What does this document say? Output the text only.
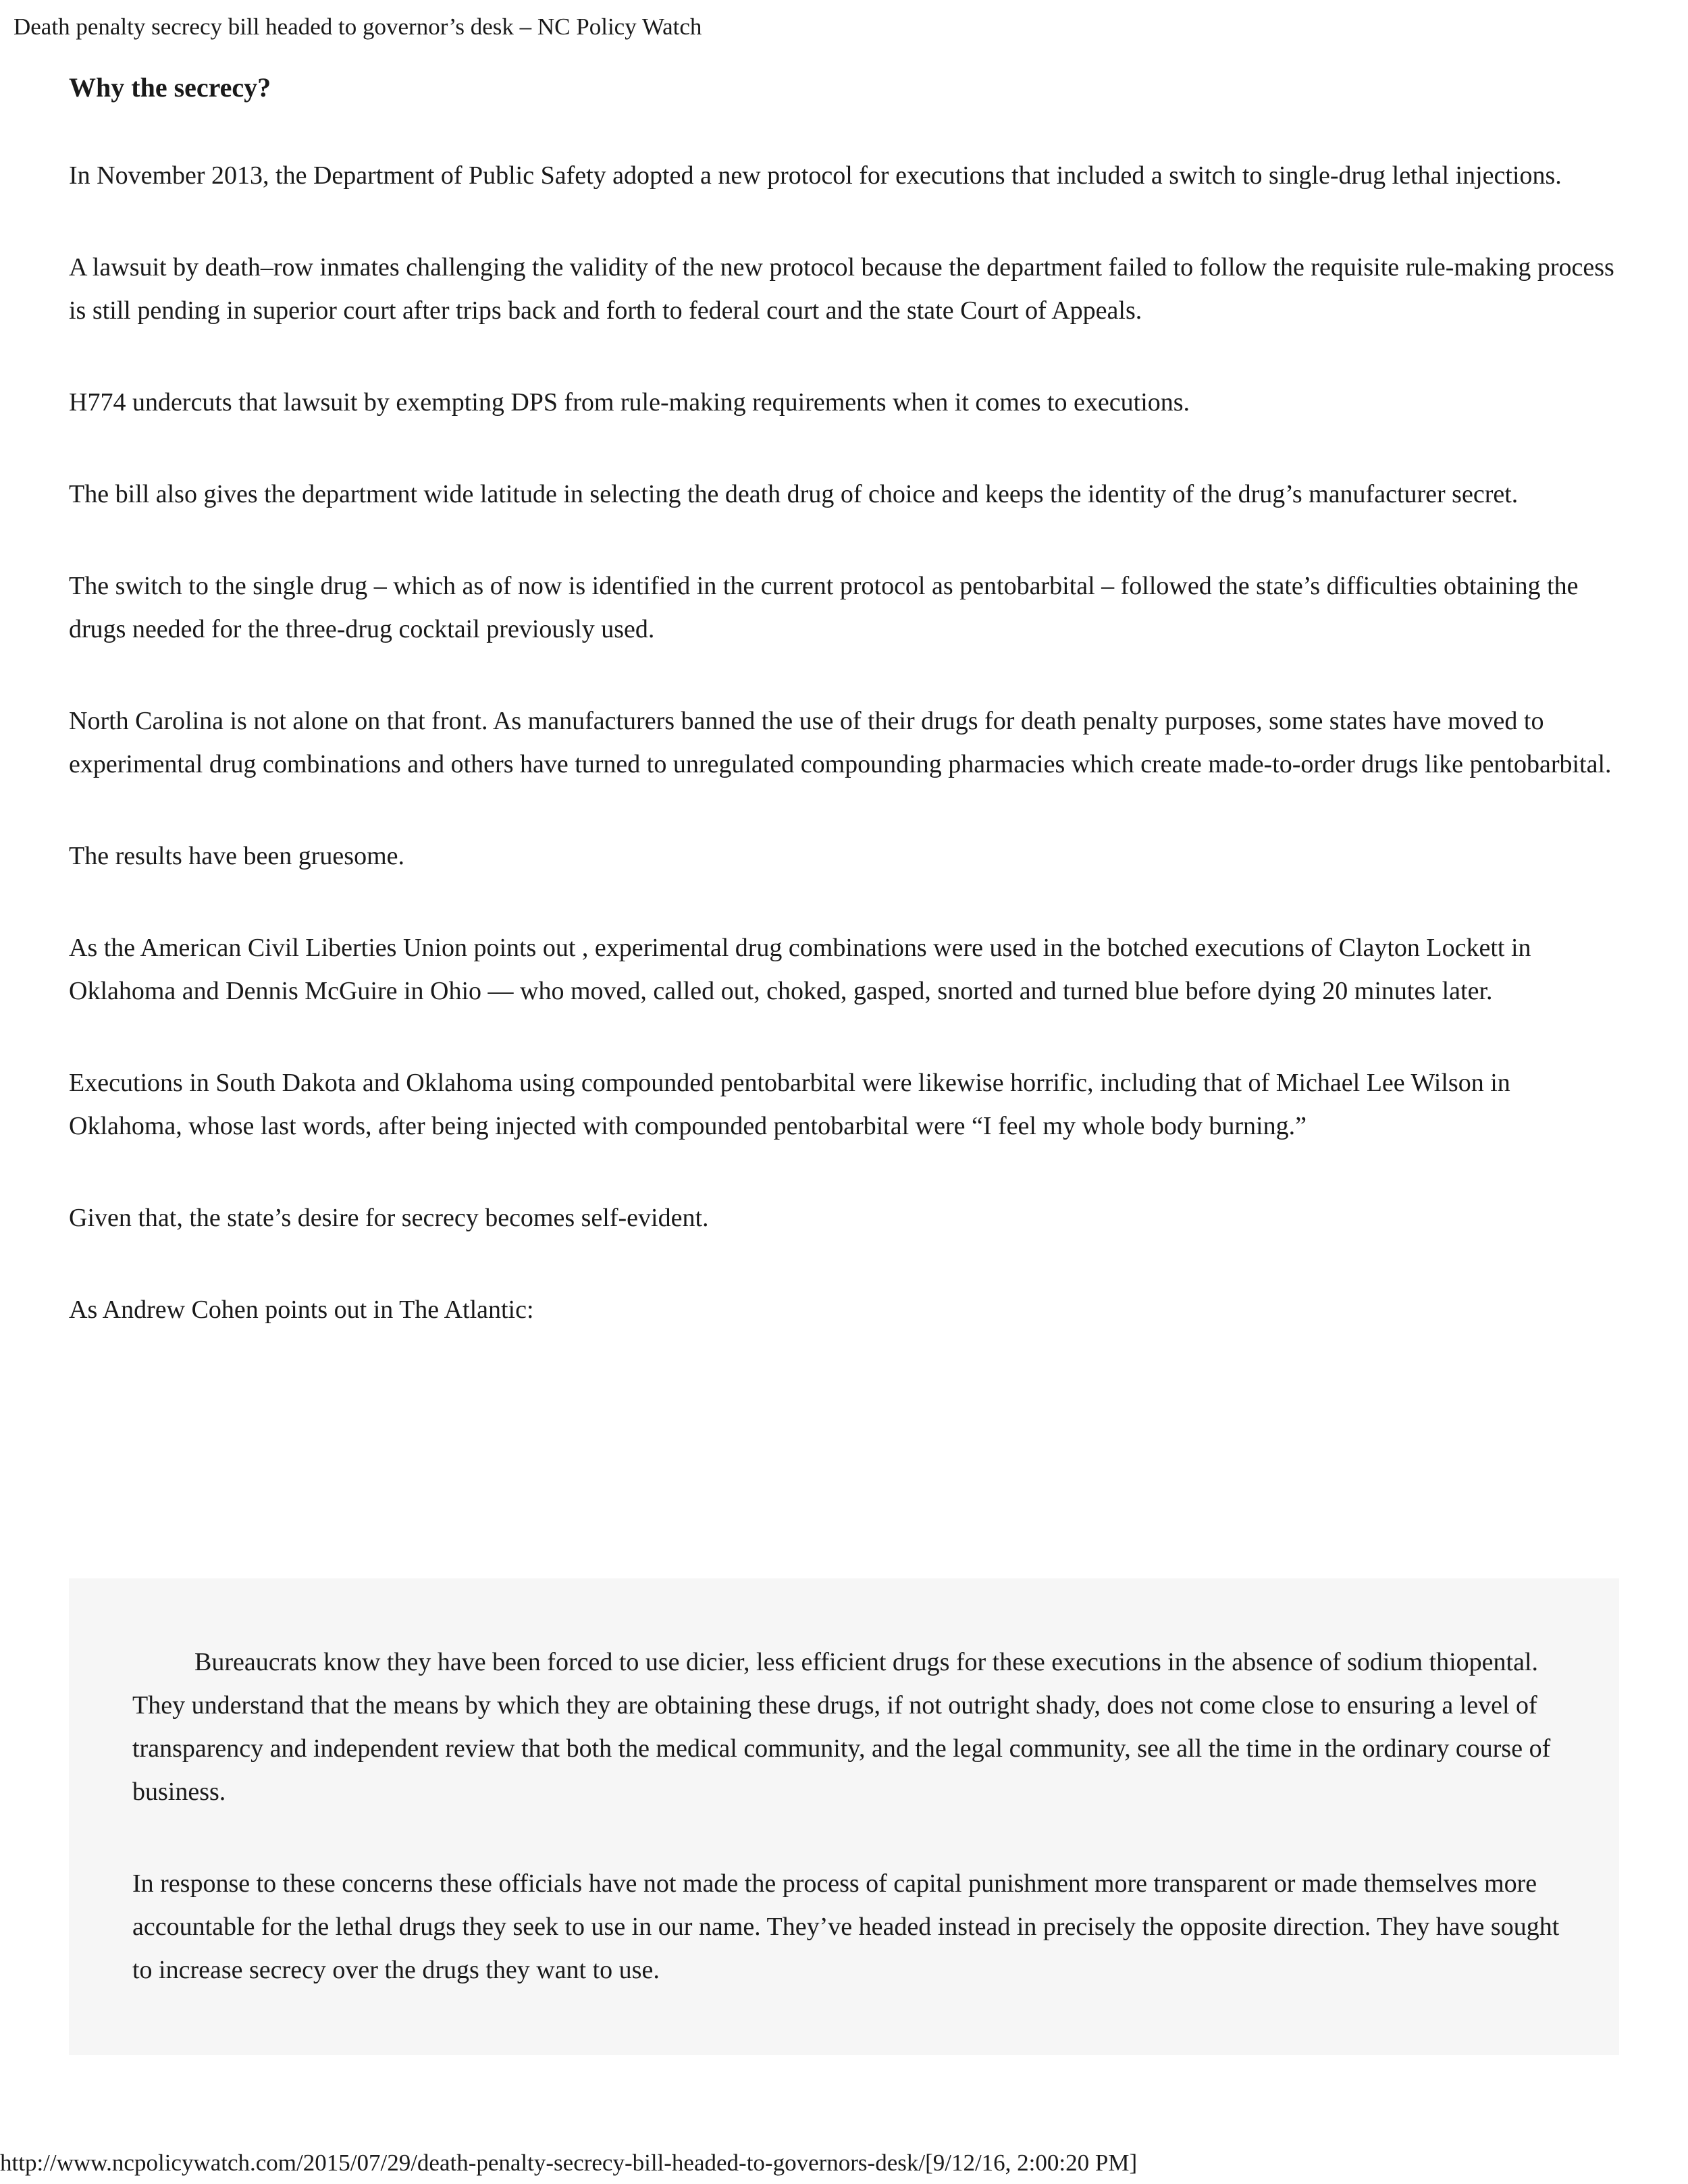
Death penalty secrecy bill headed to governor’s desk – NC Policy Watch
Why the secrecy?

In November 2013, the Department of Public Safety adopted a new protocol for executions that included a switch to single-drug lethal injections.

A lawsuit by death–row inmates challenging the validity of the new protocol because the department failed to follow the requisite rule-making process is still pending in superior court after trips back and forth to federal court and the state Court of Appeals.

H774 undercuts that lawsuit by exempting DPS from rule-making requirements when it comes to executions.

The bill also gives the department wide latitude in selecting the death drug of choice and keeps the identity of the drug’s manufacturer secret.

The switch to the single drug – which as of now is identified in the current protocol as pentobarbital – followed the state’s difficulties obtaining the drugs needed for the three-drug cocktail previously used.

North Carolina is not alone on that front. As manufacturers banned the use of their drugs for death penalty purposes, some states have moved to experimental drug combinations and others have turned to unregulated compounding pharmacies which create made-to-order drugs like pentobarbital.

The results have been gruesome.

As the American Civil Liberties Union points out , experimental drug combinations were used in the botched executions of Clayton Lockett in Oklahoma and Dennis McGuire in Ohio — who moved, called out, choked, gasped, snorted and turned blue before dying 20 minutes later.

Executions in South Dakota and Oklahoma using compounded pentobarbital were likewise horrific, including that of Michael Lee Wilson in Oklahoma, whose last words, after being injected with compounded pentobarbital were “I feel my whole body burning.”

Given that, the state’s desire for secrecy becomes self-evident.

As Andrew Cohen points out in The Atlantic:

Bureaucrats know they have been forced to use dicier, less efficient drugs for these executions in the absence of sodium thiopental. They understand that the means by which they are obtaining these drugs, if not outright shady, does not come close to ensuring a level of transparency and independent review that both the medical community, and the legal community, see all the time in the ordinary course of business.

In response to these concerns these officials have not made the process of capital punishment more transparent or made themselves more accountable for the lethal drugs they seek to use in our name. They’ve headed instead in precisely the opposite direction. They have sought to increase secrecy over the drugs they want to use.

http://www.ncpolicywatch.com/2015/07/29/death-penalty-secrecy-bill-headed-to-governors-desk/[9/12/16, 2:00:20 PM]
